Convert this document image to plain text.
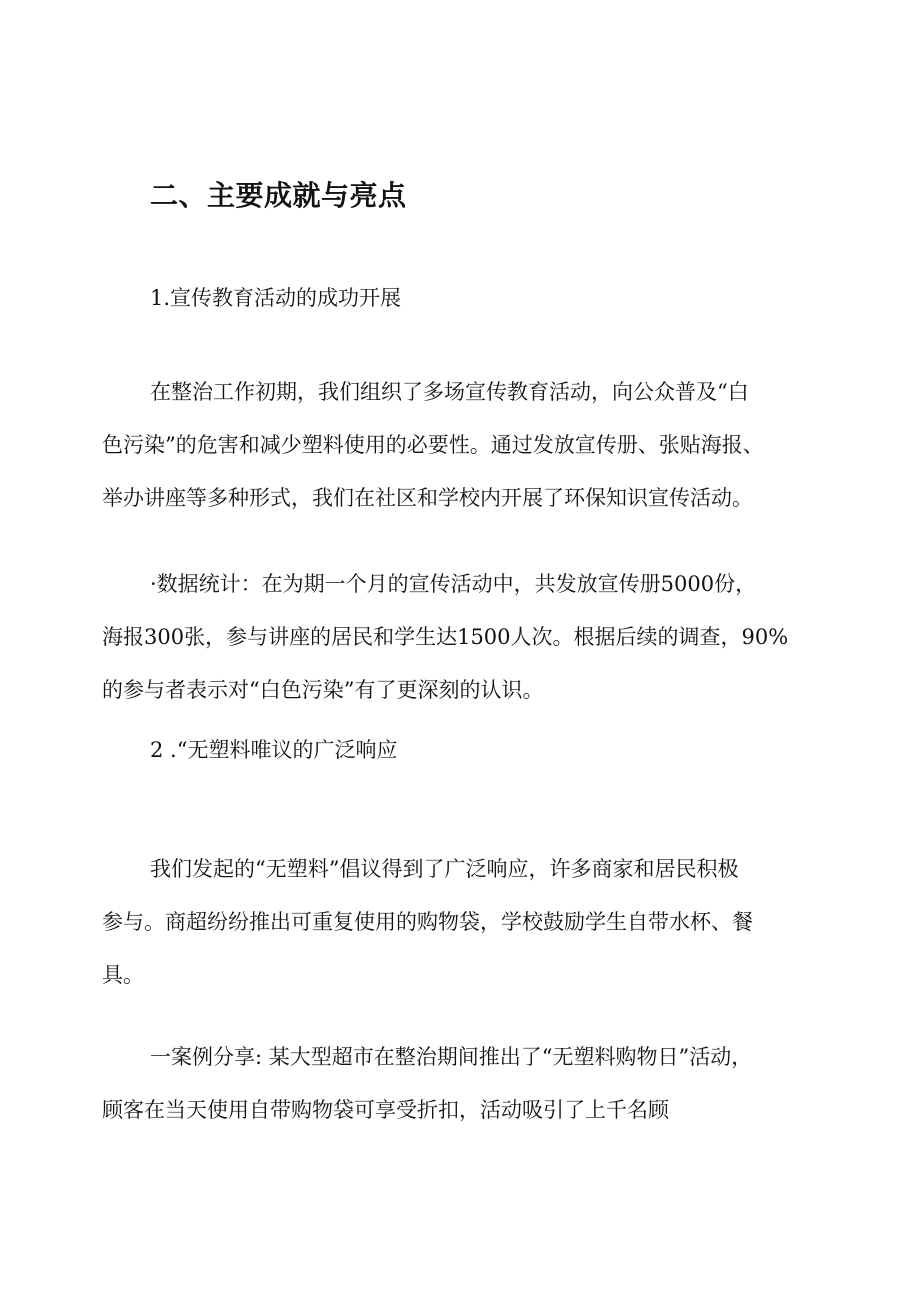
二、主要成就与亮点
1.宣传教育活动的成功开展
在整治工作初期，我们组织了多场宣传教育活动，向公众普及“白
色污染”的危害和减少塑料使用的必要性。通过发放宣传册、张贴海报、
举办讲座等多种形式，我们在社区和学校内开展了环保知识宣传活动。
·数据统计：在为期一个月的宣传活动中，共发放宣传册5000份，
海报300张，参与讲座的居民和学生达1500人次。根据后续的调查，90%
的参与者表示对“白色污染”有了更深刻的认识。
2 .“无塑料唯议的广泛响应
我们发起的“无塑料”倡议得到了广泛响应，许多商家和居民积极
参与。商超纷纷推出可重复使用的购物袋，学校鼓励学生自带水杯、餐
具。
一案例分享: 某大型超市在整治期间推出了“无塑料购物日”活动，
顾客在当天使用自带购物袋可享受折扣，活动吸引了上千名顾
